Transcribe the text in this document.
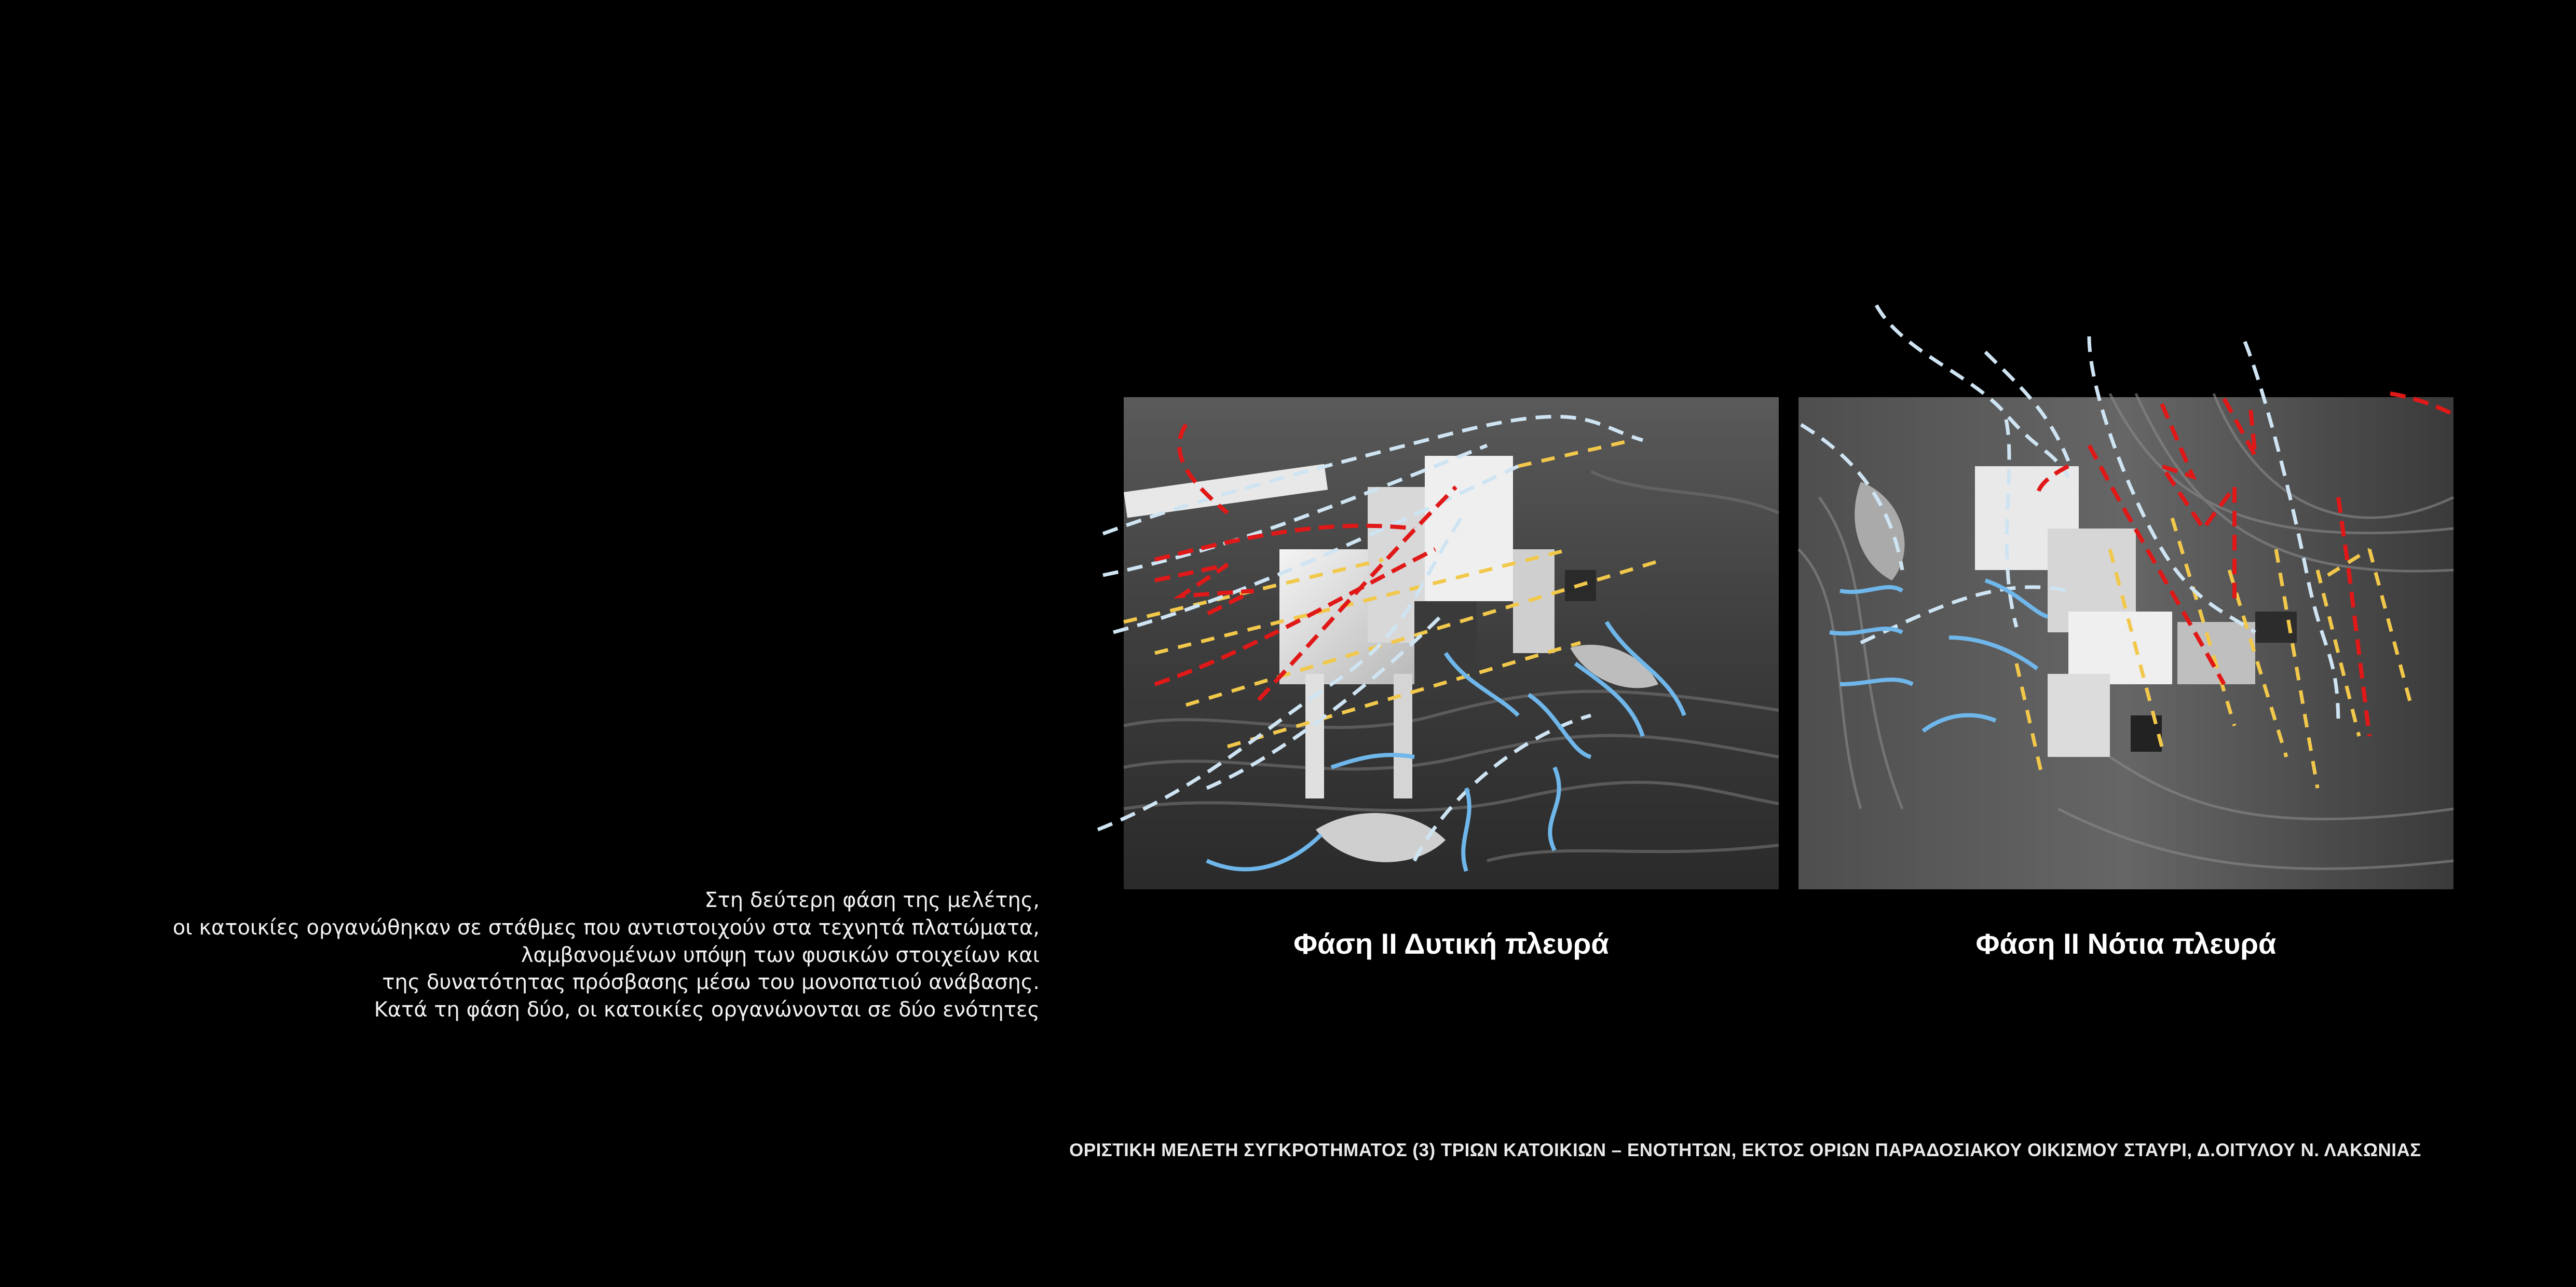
Στη δεύτερη φάση της μελέτης,
οι κατοικίες οργανώθηκαν σε στάθμες που αντιστοιχούν στα τεχνητά πλατώματα,
λαμβανομένων υπόψη των φυσικών στοιχείων και
της δυνατότητας πρόσβασης μέσω του μονοπατιού ανάβασης.
Κατά τη φάση δύο, οι κατοικίες οργανώνονται σε δύο ενότητες
Φάση ΙΙ Δυτική πλευρά	Φάση ΙΙ Νότια πλευρά
ΟΡΙΣΤΙΚΗ ΜΕΛΕΤΗ ΣΥΓΚΡΟΤΗΜΑΤΟΣ (3) ΤΡΙΩΝ ΚΑΤΟΙΚΙΩΝ – ΕΝΟΤΗΤΩΝ, ΕΚΤΟΣ ΟΡΙΩΝ ΠΑΡΑΔΟΣΙΑΚΟΥ ΟΙΚΙΣΜΟΥ ΣΤΑΥΡΙ, Δ.ΟΙΤΥΛΟΥ Ν. ΛΑΚΩΝΙΑΣ
